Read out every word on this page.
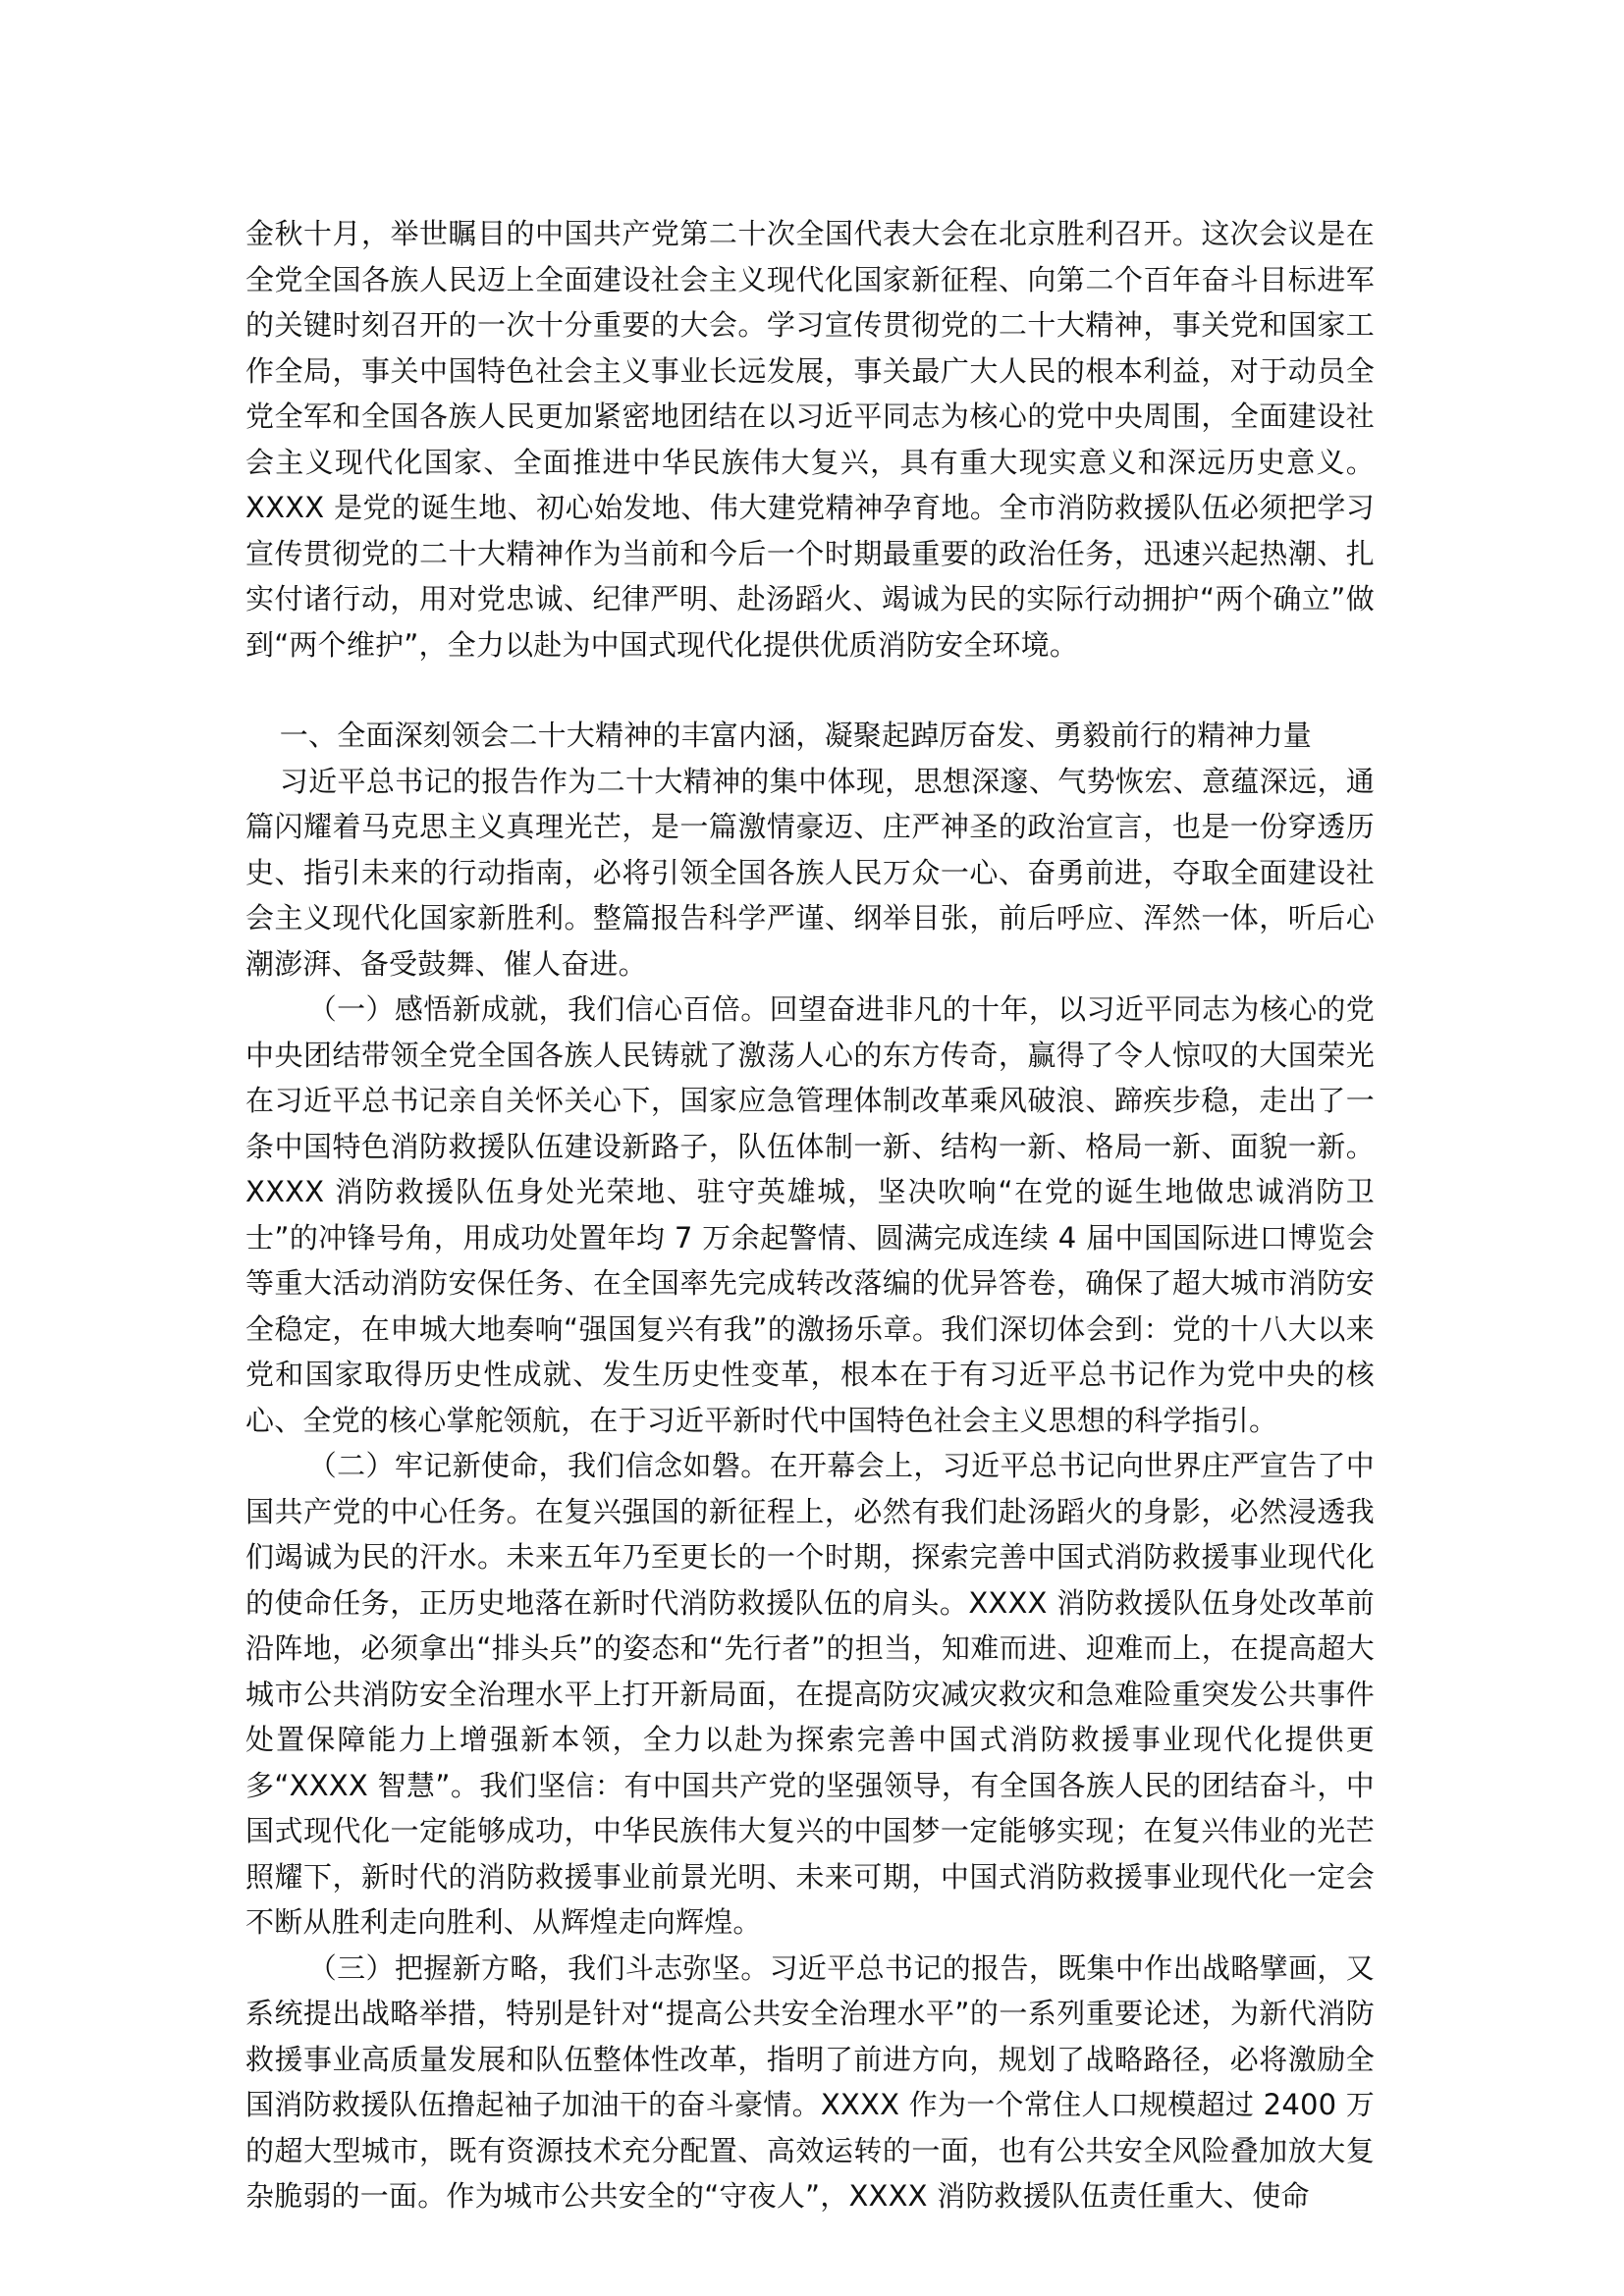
金秋十月，举世瞩目的中国共产党第二十次全国代表大会在北京胜利召开。这次会议是在全党全国各族人民迈上全面建设社会主义现代化国家新征程、向第二个百年奋斗目标进军的关键时刻召开的一次十分重要的大会。学习宣传贯彻党的二十大精神，事关党和国家工作全局，事关中国特色社会主义事业长远发展，事关最广大人民的根本利益，对于动员全党全军和全国各族人民更加紧密地团结在以习近平同志为核心的党中央周围，全面建设社会主义现代化国家、全面推进中华民族伟大复兴，具有重大现实意义和深远历史意义。XXXX 是党的诞生地、初心始发地、伟大建党精神孕育地。全市消防救援队伍必须把学习宣传贯彻党的二十大精神作为当前和今后一个时期最重要的政治任务，迅速兴起热潮、扎实付诸行动，用对党忠诚、纪律严明、赴汤蹈火、竭诚为民的实际行动拥护“两个确立”做到“两个维护”，全力以赴为中国式现代化提供优质消防安全环境。

一、全面深刻领会二十大精神的丰富内涵，凝聚起踔厉奋发、勇毅前行的精神力量

习近平总书记的报告作为二十大精神的集中体现，思想深邃、气势恢宏、意蕴深远，通篇闪耀着马克思主义真理光芒，是一篇激情豪迈、庄严神圣的政治宣言，也是一份穿透历史、指引未来的行动指南，必将引领全国各族人民万众一心、奋勇前进，夺取全面建设社会主义现代化国家新胜利。整篇报告科学严谨、纲举目张，前后呼应、浑然一体，听后心潮澎湃、备受鼓舞、催人奋进。

（一）感悟新成就，我们信心百倍。回望奋进非凡的十年，以习近平同志为核心的党中央团结带领全党全国各族人民铸就了激荡人心的东方传奇，赢得了令人惊叹的大国荣光在习近平总书记亲自关怀关心下，国家应急管理体制改革乘风破浪、蹄疾步稳，走出了一条中国特色消防救援队伍建设新路子，队伍体制一新、结构一新、格局一新、面貌一新。XXXX 消防救援队伍身处光荣地、驻守英雄城，坚决吹响“在党的诞生地做忠诚消防卫士”的冲锋号角，用成功处置年均 7 万余起警情、圆满完成连续 4 届中国国际进口博览会等重大活动消防安保任务、在全国率先完成转改落编的优异答卷，确保了超大城市消防安全稳定，在申城大地奏响“强国复兴有我”的激扬乐章。我们深切体会到：党的十八大以来党和国家取得历史性成就、发生历史性变革，根本在于有习近平总书记作为党中央的核心、全党的核心掌舵领航，在于习近平新时代中国特色社会主义思想的科学指引。

（二）牢记新使命，我们信念如磐。在开幕会上，习近平总书记向世界庄严宣告了中国共产党的中心任务。在复兴强国的新征程上，必然有我们赴汤蹈火的身影，必然浸透我们竭诚为民的汗水。未来五年乃至更长的一个时期，探索完善中国式消防救援事业现代化的使命任务，正历史地落在新时代消防救援队伍的肩头。XXXX 消防救援队伍身处改革前沿阵地，必须拿出“排头兵”的姿态和“先行者”的担当，知难而进、迎难而上，在提高超大城市公共消防安全治理水平上打开新局面，在提高防灾减灾救灾和急难险重突发公共事件处置保障能力上增强新本领，全力以赴为探索完善中国式消防救援事业现代化提供更多“XXXX 智慧”。我们坚信：有中国共产党的坚强领导，有全国各族人民的团结奋斗，中国式现代化一定能够成功，中华民族伟大复兴的中国梦一定能够实现；在复兴伟业的光芒照耀下，新时代的消防救援事业前景光明、未来可期，中国式消防救援事业现代化一定会不断从胜利走向胜利、从辉煌走向辉煌。

（三）把握新方略，我们斗志弥坚。习近平总书记的报告，既集中作出战略擘画，又系统提出战略举措，特别是针对“提高公共安全治理水平”的一系列重要论述，为新代消防救援事业高质量发展和队伍整体性改革，指明了前进方向，规划了战略路径，必将激励全国消防救援队伍撸起袖子加油干的奋斗豪情。XXXX 作为一个常住人口规模超过 2400 万的超大型城市，既有资源技术充分配置、高效运转的一面，也有公共安全风险叠加放大复杂脆弱的一面。作为城市公共安全的“守夜人”，XXXX 消防救援队伍责任重大、使命
